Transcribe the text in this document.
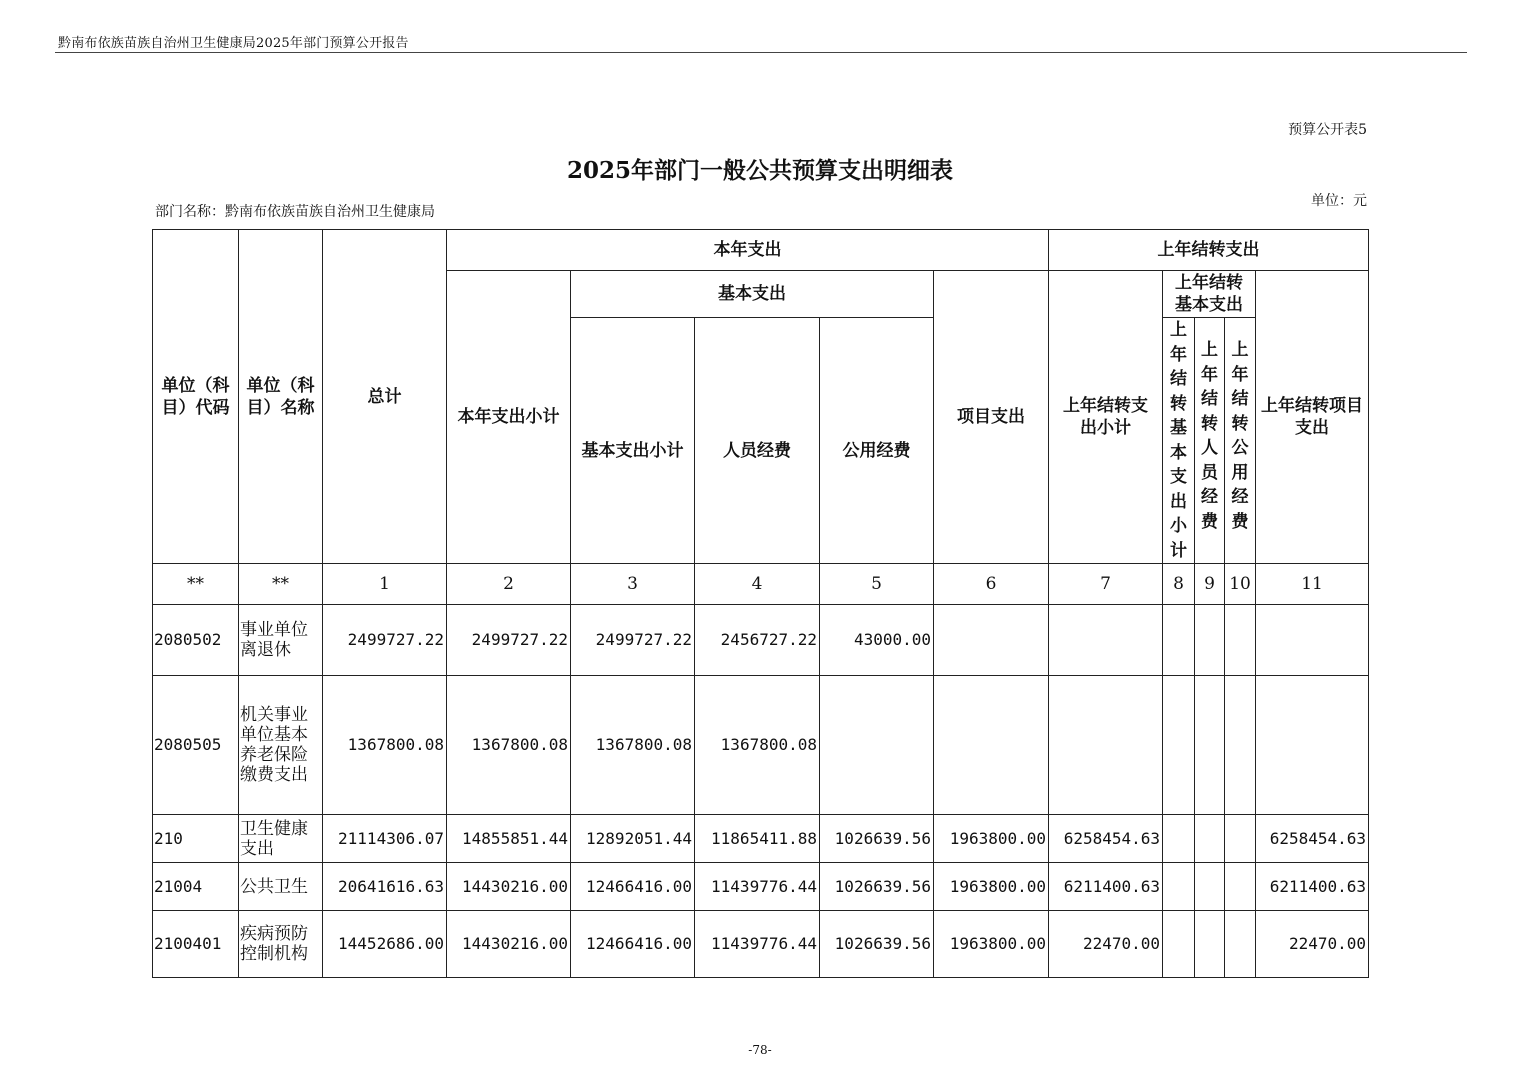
黔南布依族苗族自治州卫生健康局2025年部门预算公开报告
预算公开表5
2025年部门一般公共预算支出明细表
部门名称：黔南布依族苗族自治州卫生健康局
单位：元
单位（科目）代码	单位（科目）名称	总计	本年支出					上年结转支出				
			本年支出小计	基本支出			项目支出	上年结转支出小计	上年结转基本支出			上年结转项目支出
				基本支出小计	人员经费	公用经费			上年结转基本支出小计	上年结转人员经费	上年结转公用经费	

**	**	1	2	3	4	5	6	7	8	9	10	11
2080502	事业单位离退休	2499727.22	2499727.22	2499727.22	2456727.22	43000.00						
2080505	机关事业单位基本养老保险缴费支出	1367800.08	1367800.08	1367800.08	1367800.08							
210	卫生健康支出	21114306.07	14855851.44	12892051.44	11865411.88	1026639.56	1963800.00	6258454.63				6258454.63
21004	公共卫生	20641616.63	14430216.00	12466416.00	11439776.44	1026639.56	1963800.00	6211400.63				6211400.63
2100401	疾病预防控制机构	14452686.00	14430216.00	12466416.00	11439776.44	1026639.56	1963800.00	22470.00				22470.00
-78-
